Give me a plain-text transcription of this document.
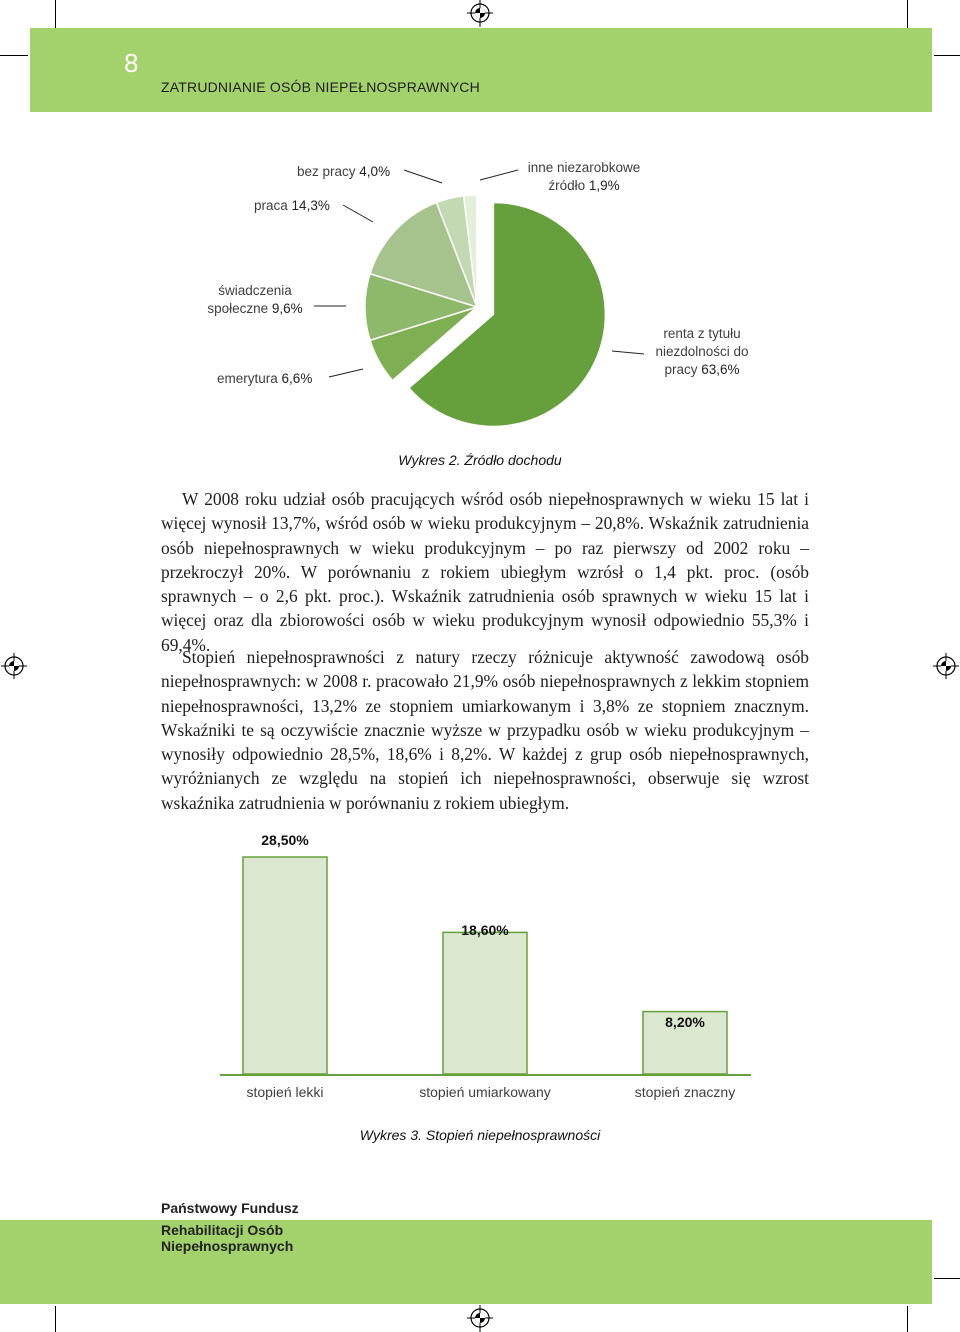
8
ZATRUDNIANIE OSÓB NIEPEŁNOSPRAWNYCH
bez pracy 4,0%
praca 14,3%
inne niezarobkowe
źródło 1,9%
świadczenia
społeczne 9,6%
emerytura 6,6%
renta z tytułu
niezdolności do
pracy 63,6%
Wykres 2. Źródło dochodu

W 2008 roku udział osób pracujących wśród osób niepełnosprawnych w wieku 15 lat i więcej wynosił 13,7%, wśród osób w wieku produkcyjnym – 20,8%. Wskaźnik zatrudnienia osób niepełnosprawnych w wieku produkcyjnym – po raz pierwszy od 2002 roku – przekroczył 20%. W porównaniu z rokiem ubiegłym wzrósł o 1,4 pkt. proc. (osób sprawnych – o 2,6 pkt. proc.). Wskaźnik zatrudnienia osób sprawnych w wieku 15 lat i więcej oraz dla zbiorowości osób w wieku produkcyjnym wynosił odpowiednio 55,3% i 69,4%.

Stopień niepełnosprawności z natury rzeczy różnicuje aktywność zawodową osób niepełnosprawnych: w 2008 r. pracowało 21,9% osób niepełnosprawnych z lekkim stopniem niepełnosprawności, 13,2% ze stopniem umiarkowanym i 3,8% ze stopniem znacznym. Wskaźniki te są oczywiście znacznie wyższe w przypadku osób w wieku produkcyjnym – wynosiły odpowiednio 28,5%, 18,6% i 8,2%. W każdej z grup osób niepełnosprawnych, wyróżnianych ze względu na stopień ich niepełnosprawności, obserwuje się wzrost wskaźnika zatrudnienia w porównaniu z rokiem ubiegłym.

28,50%
18,60%
8,20%
stopień lekki	stopień umiarkowany	stopień znaczny
Wykres 3. Stopień niepełnosprawności
Państwowy Fundusz
Rehabilitacji Osób
Niepełnosprawnych
